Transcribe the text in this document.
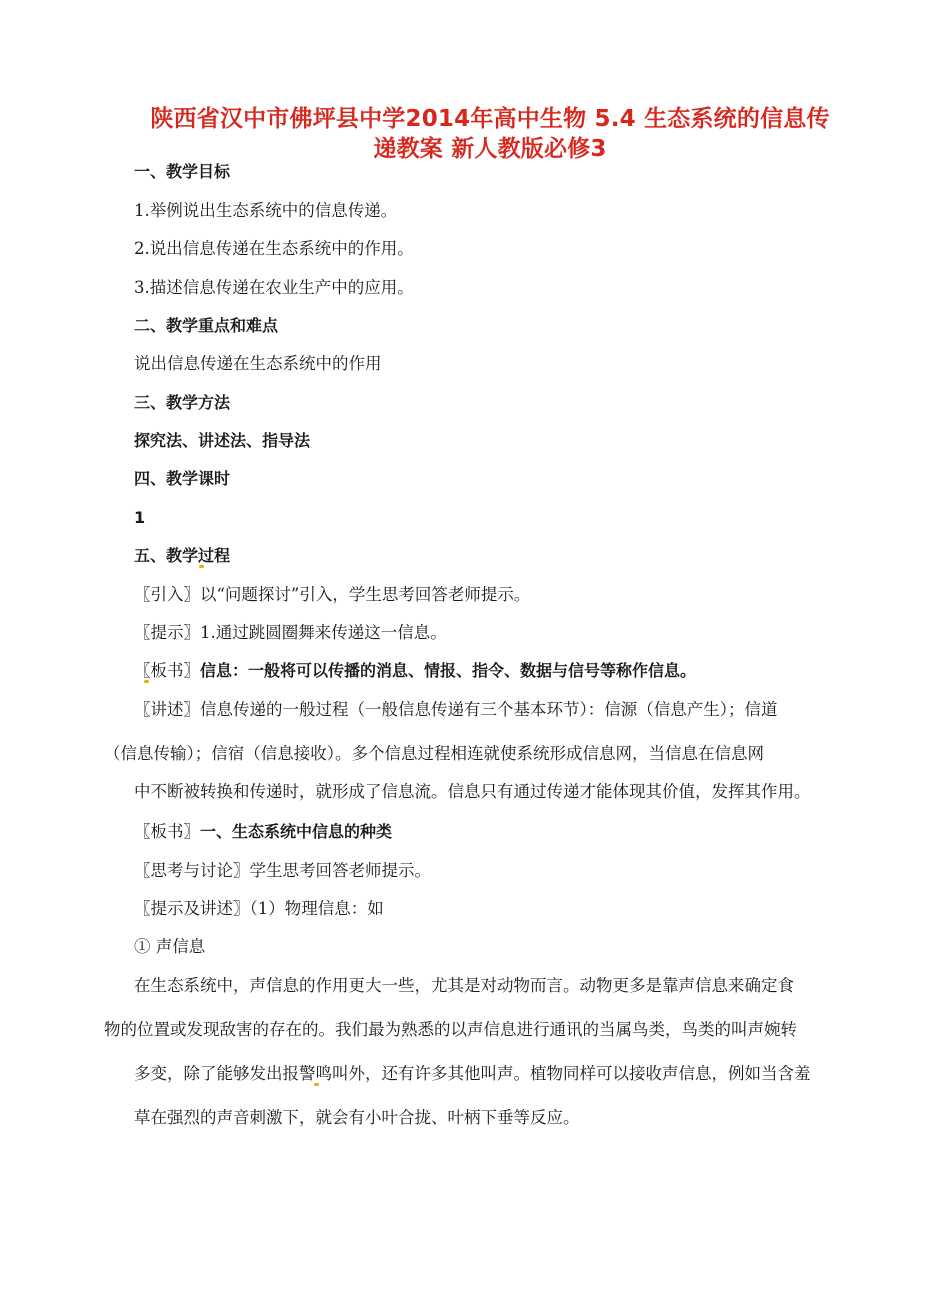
陕西省汉中市佛坪县中学2014年高中生物 5.4 生态系统的信息传
递教案 新人教版必修3
一、教学目标
1.举例说出生态系统中的信息传递。
2.说出信息传递在生态系统中的作用。
3.描述信息传递在农业生产中的应用。
二、教学重点和难点
说出信息传递在生态系统中的作用
三、教学方法
探究法、讲述法、指导法
四、教学课时
1
五、教学过程
〖引入〗以“问题探讨”引入，学生思考回答老师提示。
〖提示〗1.通过跳圆圈舞来传递这一信息。
〖板书〗信息：一般将可以传播的消息、情报、指令、数据与信号等称作信息。
〖讲述〗信息传递的一般过程（一般信息传递有三个基本环节）：信源（信息产生）；信道
（信息传输）；信宿（信息接收）。多个信息过程相连就使系统形成信息网，当信息在信息网
中不断被转换和传递时，就形成了信息流。信息只有通过传递才能体现其价值，发挥其作用。
〖板书〗一、生态系统中信息的种类
〖思考与讨论〗学生思考回答老师提示。
〖提示及讲述〗（1）物理信息：如
① 声信息
在生态系统中，声信息的作用更大一些，尤其是对动物而言。动物更多是靠声信息来确定食
物的位置或发现敌害的存在的。我们最为熟悉的以声信息进行通讯的当属鸟类，鸟类的叫声婉转
多变，除了能够发出报警鸣叫外，还有许多其他叫声。植物同样可以接收声信息，例如当含羞
草在强烈的声音刺激下，就会有小叶合拢、叶柄下垂等反应。
